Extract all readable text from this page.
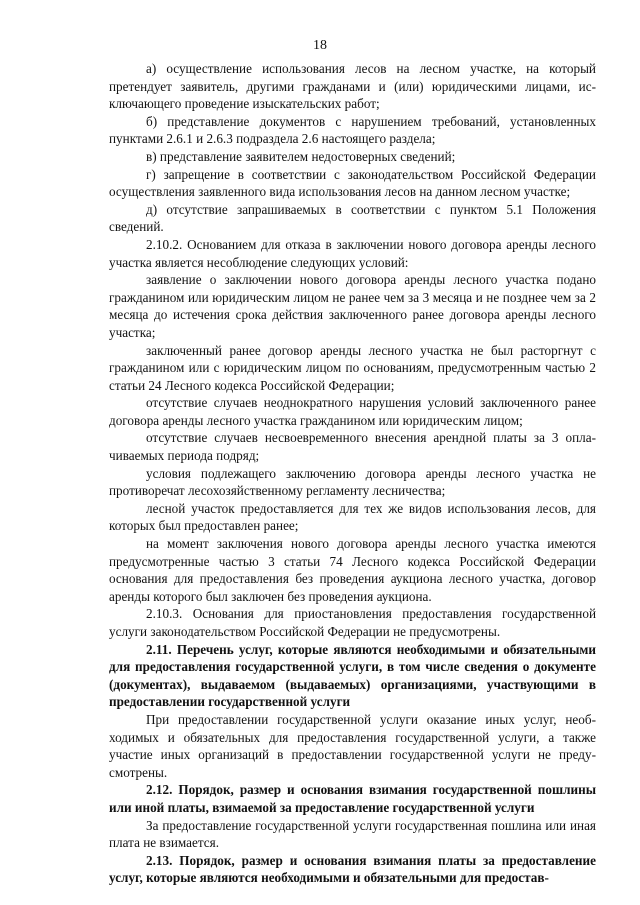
18

а) осуществление использования лесов на лесном участке, на который претендует заявитель, другими гражданами и (или) юридическими лицами, исключающего проведение изыскательских работ;

б) представление документов с нарушением требований, установленных пунктами 2.6.1 и 2.6.3 подраздела 2.6 настоящего раздела;

в) представление заявителем недостоверных сведений;

г) запрещение в соответствии с законодательством Российской Федерации осуществления заявленного вида использования лесов на данном лесном участке;

д) отсутствие запрашиваемых в соответствии с пунктом 5.1 Положения сведений.

2.10.2. Основанием для отказа в заключении нового договора аренды лесного участка является несоблюдение следующих условий:

заявление о заключении нового договора аренды лесного участка подано гражданином или юридическим лицом не ранее чем за 3 месяца и не позднее чем за 2 месяца до истечения срока действия заключенного ранее договора аренды лесного участка;

заключенный ранее договор аренды лесного участка не был расторгнут с гражданином или с юридическим лицом по основаниям, предусмотренным частью 2 статьи 24 Лесного кодекса Российской Федерации;

отсутствие случаев неоднократного нарушения условий заключенного ранее договора аренды лесного участка гражданином или юридическим лицом;

отсутствие случаев несвоевременного внесения арендной платы за 3 оплачиваемых периода подряд;

условия подлежащего заключению договора аренды лесного участка не противоречат лесохозяйственному регламенту лесничества;

лесной участок предоставляется для тех же видов использования лесов, для которых был предоставлен ранее;

на момент заключения нового договора аренды лесного участка имеются предусмотренные частью 3 статьи 74 Лесного кодекса Российской Федерации основания для предоставления без проведения аукциона лесного участка, договор аренды которого был заключен без проведения аукциона.

2.10.3. Основания для приостановления предоставления государственной услуги законодательством Российской Федерации не предусмотрены.

2.11. Перечень услуг, которые являются необходимыми и обязательными для предоставления государственной услуги, в том числе сведения о документе (документах), выдаваемом (выдаваемых) организациями, участвующими в предоставлении государственной услуги

При предоставлении государственной услуги оказание иных услуг, необходимых и обязательных для предоставления государственной услуги, а также участие иных организаций в предоставлении государственной услуги не предусмотрены.

2.12. Порядок, размер и основания взимания государственной пошлины или иной платы, взимаемой за предоставление государственной услуги

За предоставление государственной услуги государственная пошлина или иная плата не взимается.

2.13. Порядок, размер и основания взимания платы за предоставление услуг, которые являются необходимыми и обязательными для предостав-
